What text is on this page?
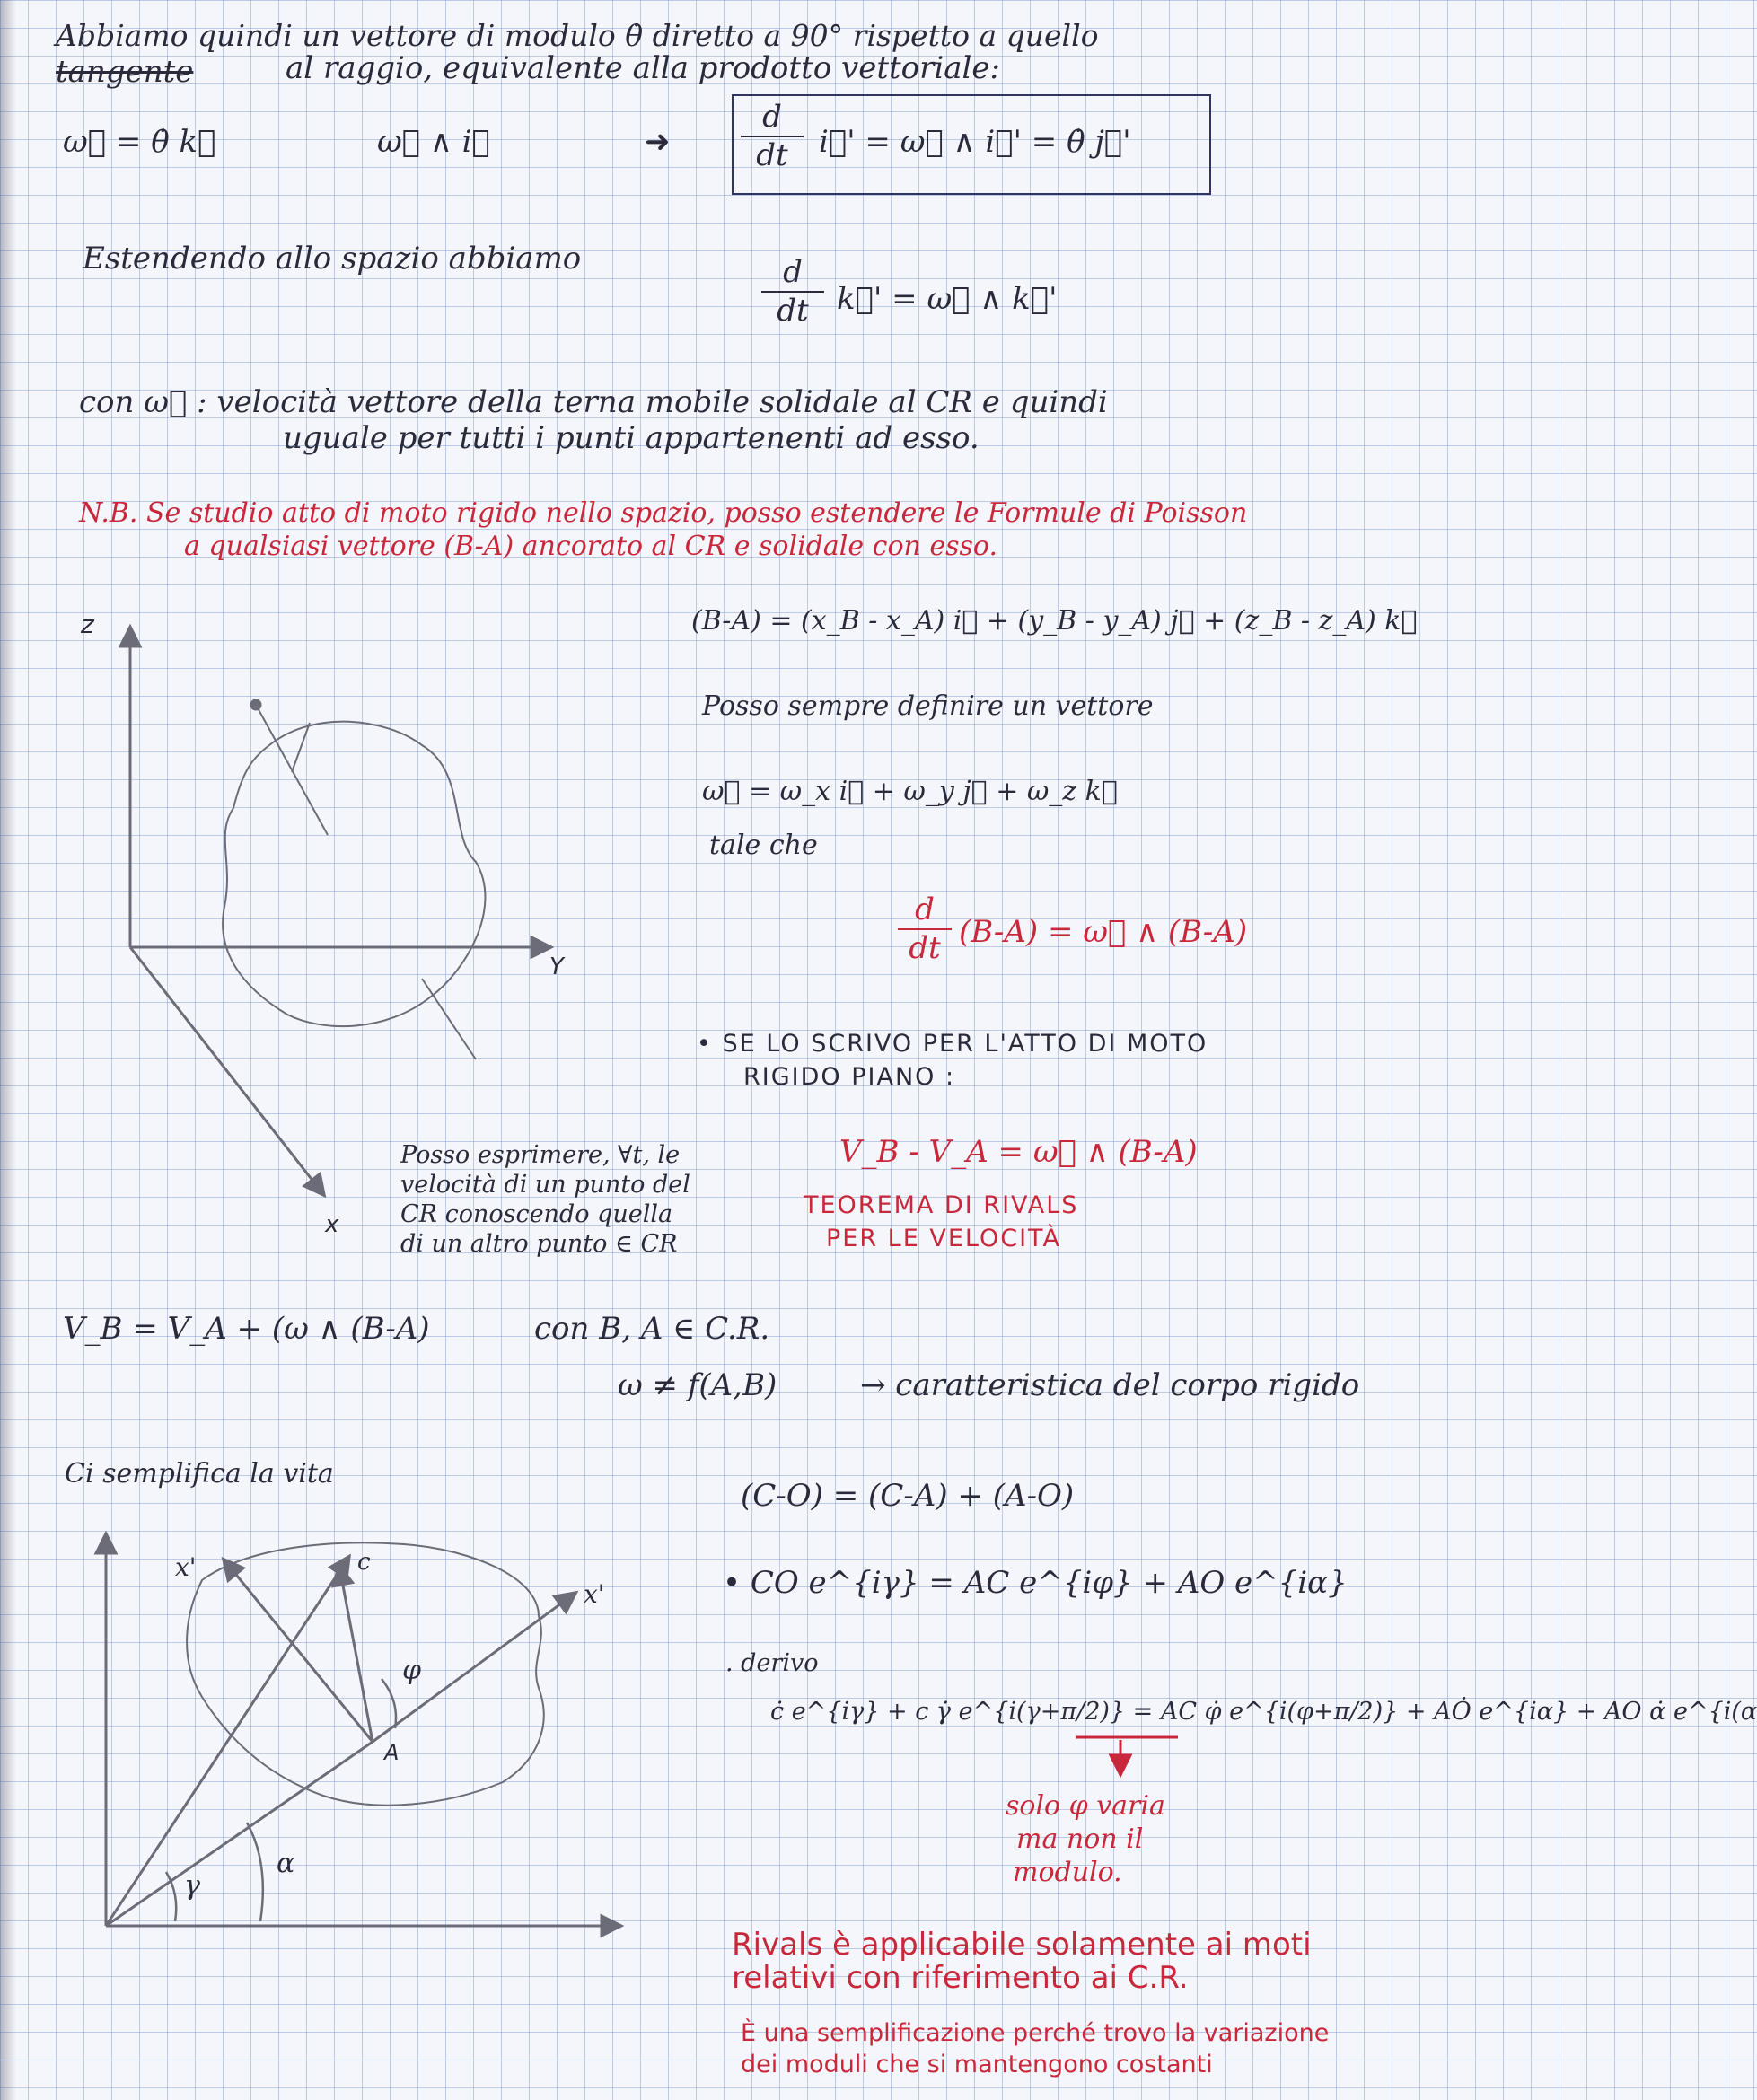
Abbiamo quindi un vettore di modulo θ̇ diretto a 90° rispetto a quello
tangente	al raggio, equivalente alla prodotto vettoriale:
ω⃗ = θ̇ k⃗	ω⃗ ∧ i⃗	➜
d
dt	i⃗' = ω⃗ ∧ i⃗' = θ̇ j⃗'
Estendendo allo spazio abbiamo	d
dt k⃗' = ω⃗ ∧ k⃗'
con ω⃗ : velocità vettore della terna mobile solidale al CR e quindi
uguale per tutti i punti appartenenti ad esso.
N.B. Se studio atto di moto rigido nello spazio, posso estendere le Formule di Poisson
a qualsiasi vettore (B-A) ancorato al CR e solidale con esso.
(B-A) = (x_B - x_A) i⃗ + (y_B - y_A) j⃗ + (z_B - z_A) k⃗
Posso sempre definire un vettore
ω⃗ = ω_x i⃗ + ω_y j⃗ + ω_z k⃗
tale che
d
dt (B-A) = ω⃗ ∧ (B-A)
• SE LO SCRIVO PER L'ATTO DI MOTO
RIGIDO PIANO :
V_B - V_A = ω⃗ ∧ (B-A)
TEOREMA DI RIVALS
PER LE VELOCITÀ
Posso esprimere, ∀t, le
velocità di un punto del
CR conoscendo quella
di un altro punto ∈ CR
V_B = V_A + (ω ∧ (B-A)	con B, A ∈ C.R.
ω ≠ f(A,B)	→ caratteristica del corpo rigido
Ci semplifica la vita
(C-O) = (C-A) + (A-O)
• CO e^{iγ} = AC e^{iφ} + AO e^{iα}
. derivo
ċ e^{iγ} + c γ̇ e^{i(γ+π/2)} = AC φ̇ e^{i(φ+π/2)} + AȮ e^{iα} + AO α̇ e^{i(α
solo φ varia
ma non il
modulo.
Rivals è applicabile solamente ai moti
relativi con riferimento ai C.R.
È una semplificazione perché trovo la variazione
dei moduli che si mantengono costanti
z
Y
x
x'	c
x'
φ
A
γ
α
